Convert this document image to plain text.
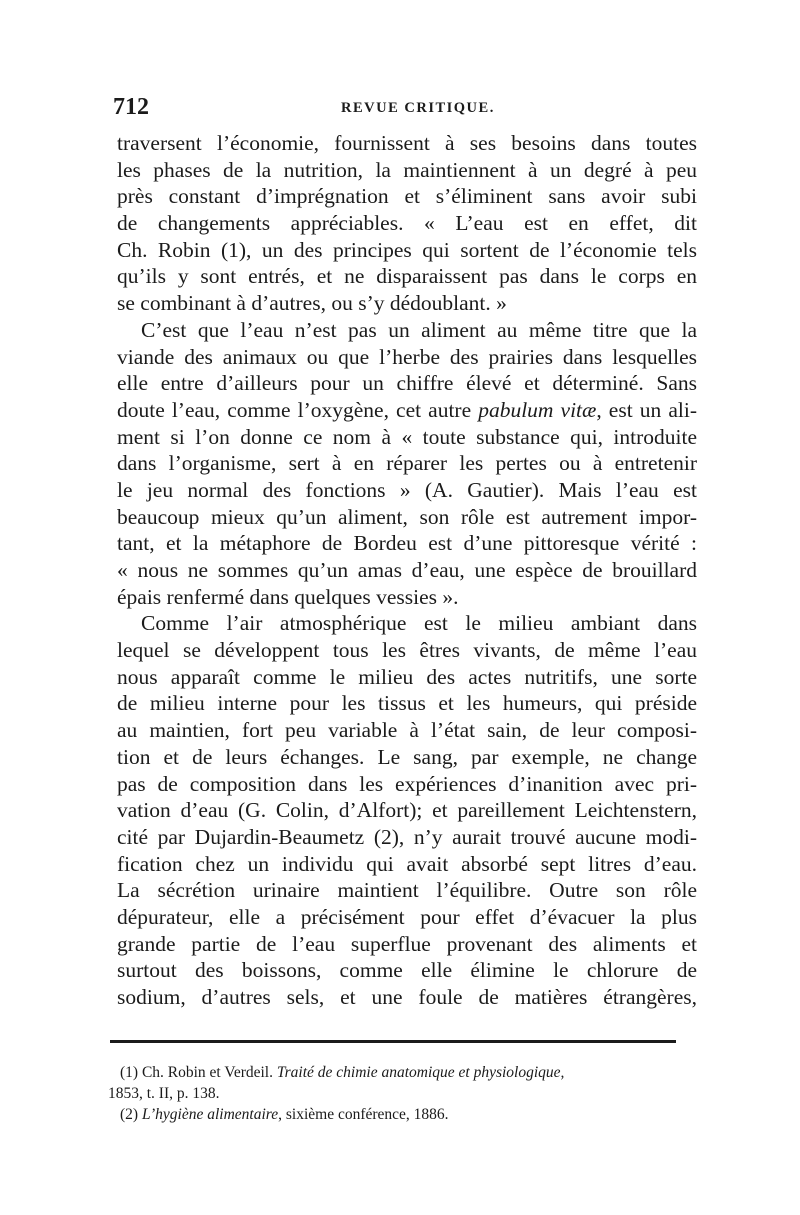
712	REVUE CRITIQUE.
traversent l’économie, fournissent à ses besoins dans toutes
les phases de la nutrition, la maintiennent à un degré à peu
près constant d’imprégnation et s’éliminent sans avoir subi
de changements appréciables. « L’eau est en effet, dit
Ch. Robin (1), un des principes qui sortent de l’économie tels
qu’ils y sont entrés, et ne disparaissent pas dans le corps en
se combinant à d’autres, ou s’y dédoublant. »
C’est que l’eau n’est pas un aliment au même titre que la
viande des animaux ou que l’herbe des prairies dans lesquelles
elle entre d’ailleurs pour un chiffre élevé et déterminé. Sans
doute l’eau, comme l’oxygène, cet autre pabulum vitæ, est un ali-
ment si l’on donne ce nom à « toute substance qui, introduite
dans l’organisme, sert à en réparer les pertes ou à entretenir
le jeu normal des fonctions » (A. Gautier). Mais l’eau est
beaucoup mieux qu’un aliment, son rôle est autrement impor-
tant, et la métaphore de Bordeu est d’une pittoresque vérité :
« nous ne sommes qu’un amas d’eau, une espèce de brouillard
épais renfermé dans quelques vessies ».
Comme l’air atmosphérique est le milieu ambiant dans
lequel se développent tous les êtres vivants, de même l’eau
nous apparaît comme le milieu des actes nutritifs, une sorte
de milieu interne pour les tissus et les humeurs, qui préside
au maintien, fort peu variable à l’état sain, de leur composi-
tion et de leurs échanges. Le sang, par exemple, ne change
pas de composition dans les expériences d’inanition avec pri-
vation d’eau (G. Colin, d’Alfort); et pareillement Leichtenstern,
cité par Dujardin-Beaumetz (2), n’y aurait trouvé aucune modi-
fication chez un individu qui avait absorbé sept litres d’eau.
La sécrétion urinaire maintient l’équilibre. Outre son rôle
dépurateur, elle a précisément pour effet d’évacuer la plus
grande partie de l’eau superflue provenant des aliments et
surtout des boissons, comme elle élimine le chlorure de
sodium, d’autres sels, et une foule de matières étrangères,
(1) Ch. Robin et Verdeil. Traité de chimie anatomique et physiologique,
1853, t. II, p. 138.
(2) L’hygiène alimentaire, sixième conférence, 1886.
